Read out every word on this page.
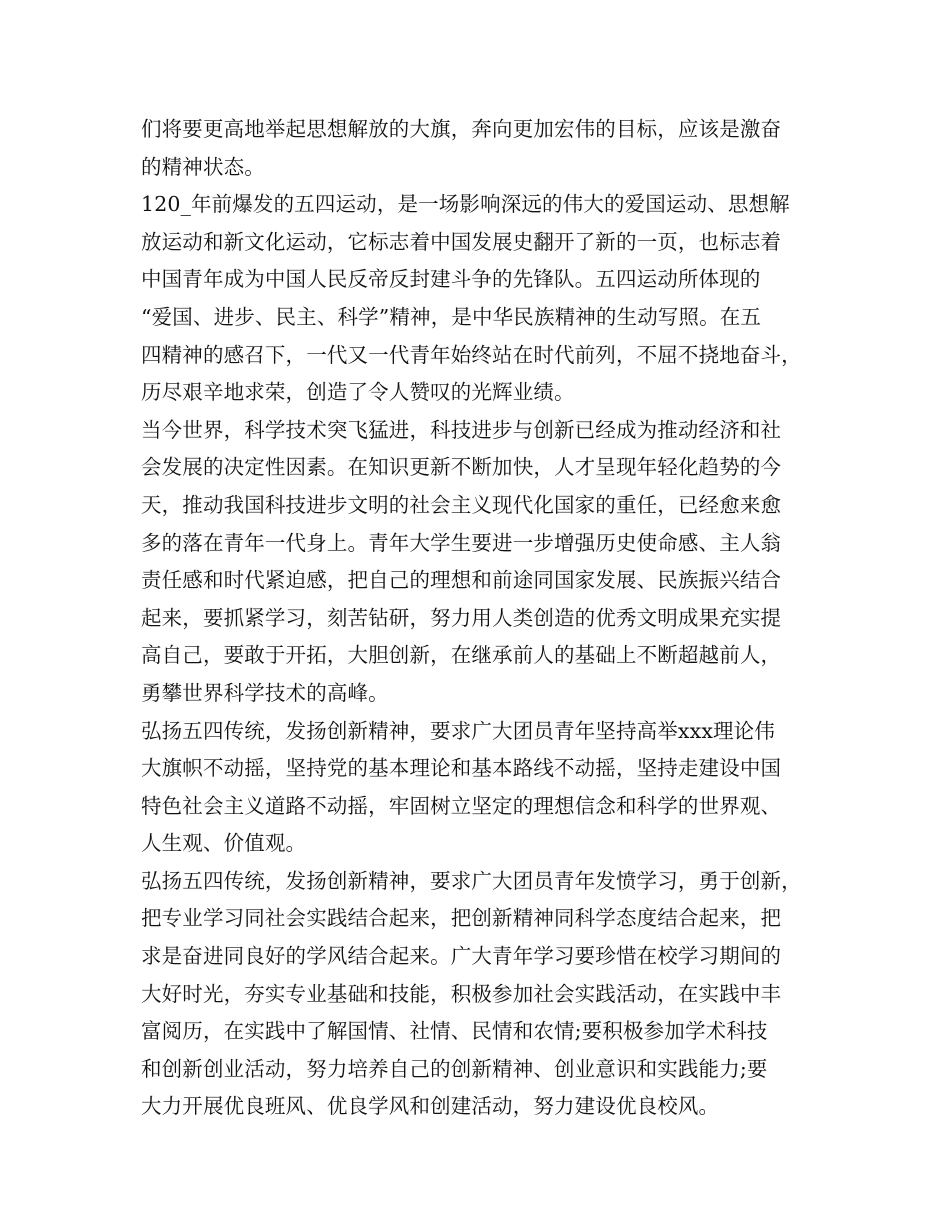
们将要更高地举起思想解放的大旗，奔向更加宏伟的目标，应该是激奋
的精神状态。
120_年前爆发的五四运动，是一场影响深远的伟大的爱国运动、思想解
放运动和新文化运动，它标志着中国发展史翻开了新的一页，也标志着
中国青年成为中国人民反帝反封建斗争的先锋队。五四运动所体现的
“爱国、进步、民主、科学”精神，是中华民族精神的生动写照。在五
四精神的感召下，一代又一代青年始终站在时代前列，不屈不挠地奋斗，
历尽艰辛地求荣，创造了令人赞叹的光辉业绩。
当今世界，科学技术突飞猛进，科技进步与创新已经成为推动经济和社
会发展的决定性因素。在知识更新不断加快，人才呈现年轻化趋势的今
天，推动我国科技进步文明的社会主义现代化国家的重任，已经愈来愈
多的落在青年一代身上。青年大学生要进一步增强历史使命感、主人翁
责任感和时代紧迫感，把自己的理想和前途同国家发展、民族振兴结合
起来，要抓紧学习，刻苦钻研，努力用人类创造的优秀文明成果充实提
高自己，要敢于开拓，大胆创新，在继承前人的基础上不断超越前人，
勇攀世界科学技术的高峰。
弘扬五四传统，发扬创新精神，要求广大团员青年坚持高举xxx理论伟
大旗帜不动摇，坚持党的基本理论和基本路线不动摇，坚持走建设中国
特色社会主义道路不动摇，牢固树立坚定的理想信念和科学的世界观、
人生观、价值观。
弘扬五四传统，发扬创新精神，要求广大团员青年发愤学习，勇于创新，
把专业学习同社会实践结合起来，把创新精神同科学态度结合起来，把
求是奋进同良好的学风结合起来。广大青年学习要珍惜在校学习期间的
大好时光，夯实专业基础和技能，积极参加社会实践活动，在实践中丰
富阅历，在实践中了解国情、社情、民情和农情;要积极参加学术科技
和创新创业活动，努力培养自己的创新精神、创业意识和实践能力;要
大力开展优良班风、优良学风和创建活动，努力建设优良校风。
